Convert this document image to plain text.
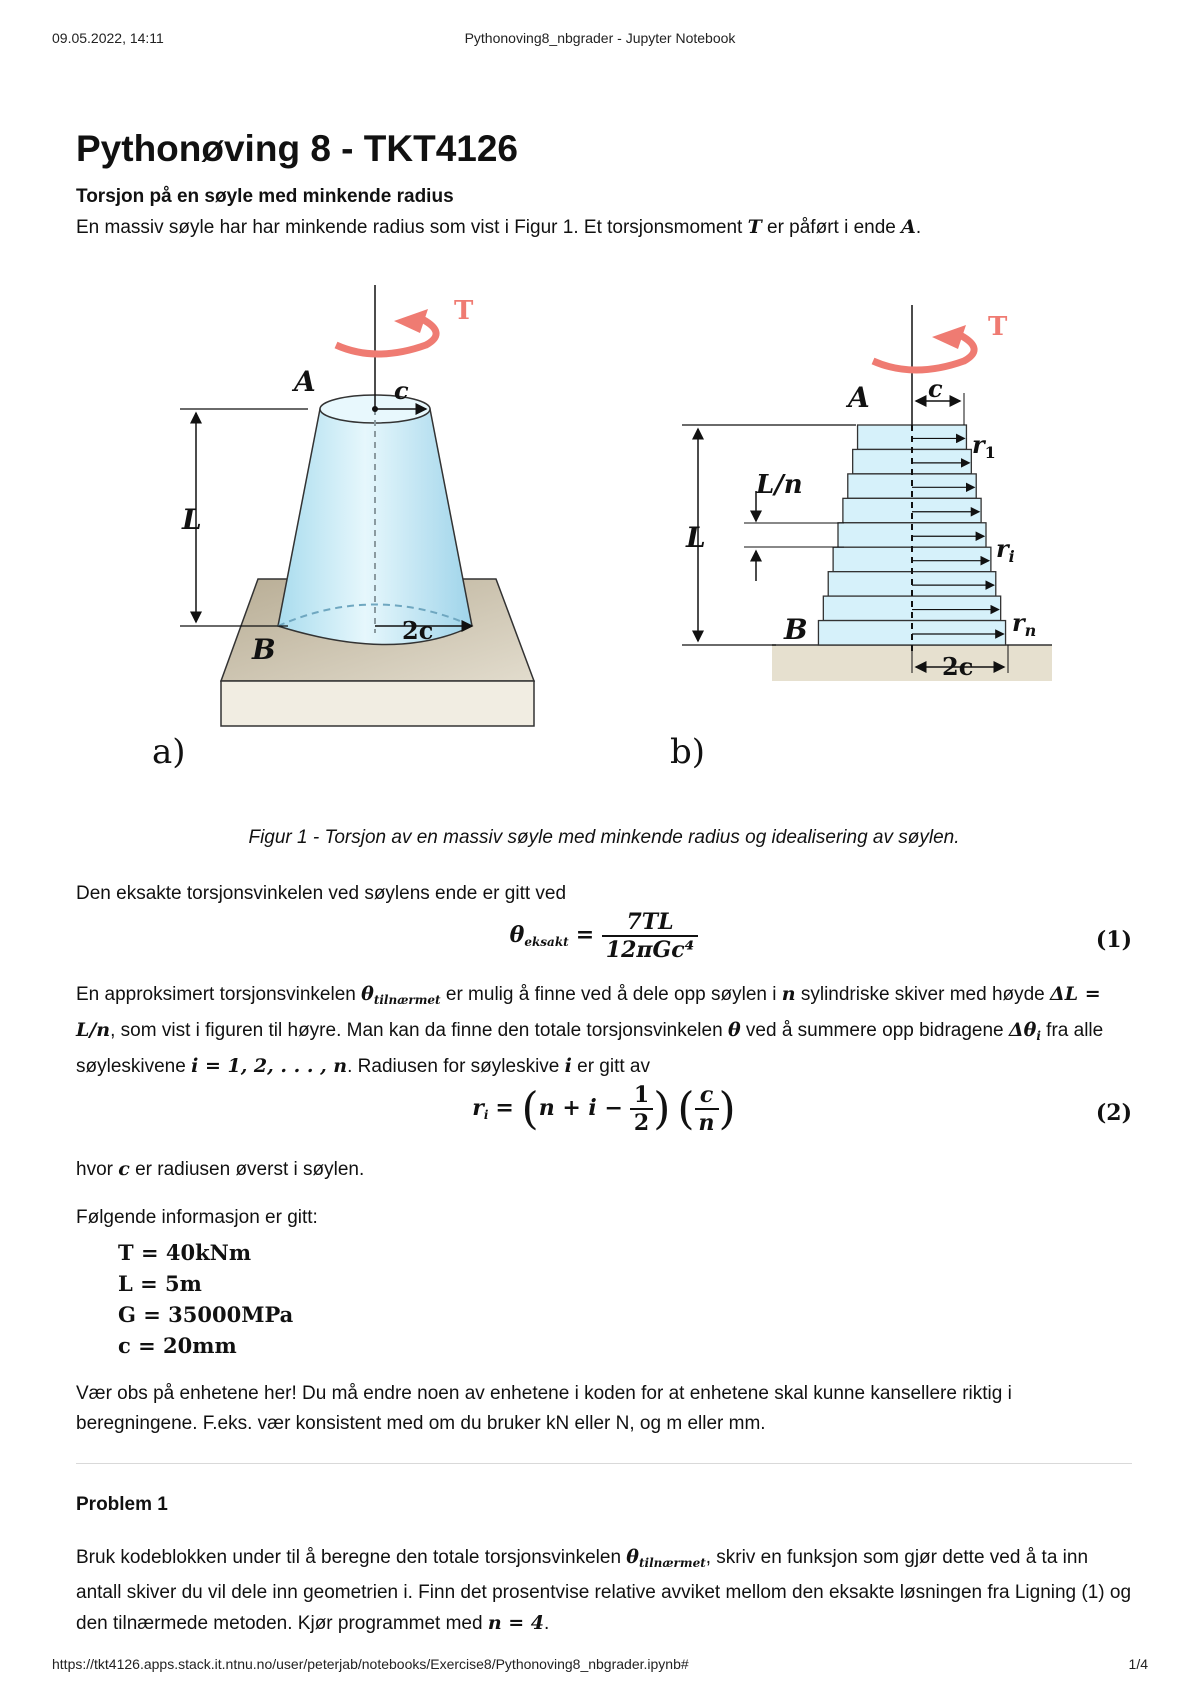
09.05.2022, 14:11	Pythonoving8_nbgrader - Jupyter Notebook
Pythonøving 8 - TKT4126
Torsjon på en søyle med minkende radius

En massiv søyle har har minkende radius som vist i Figur 1. Et torsjonsmoment T er påført i ende A.

T
c
2c
L
A
B
a)
T
c
2c
L
L/n
A
B
$r_1$
$r_i$
$r_n$
b)
Figur 1 - Torsjon av en massiv søyle med minkende radius og idealisering av søylen.

Den eksakte torsjonsvinkelen ved søylens ende er gitt ved

θeksakt = $\frac{7TL}{\text{12πGc⁴}}$	(1)

En approksimert torsjonsvinkelen $\theta_{tilnærmet}$ er mulig å finne ved å dele opp søylen i n sylindriske skiver med høyde ΔL = L/n, som vist i figuren til høyre. Man kan da finne den totale torsjonsvinkelen θ ved å summere opp bidragene $\Delta\theta_i$ fra alle søyleskivene i = 1, 2, . . . , n. Radiusen for søyleskive i er gitt av

ri = ($n + i - \frac{1}{2}$ ) ( $\frac{c}{n}$ )	(2)

hvor c er radiusen øverst i søylen.

Følgende informasjon er gitt:

T = 40kNm
L = 5m
G = 35000MPa
c = 20mm

Vær obs på enhetene her! Du må endre noen av enhetene i koden for at enhetene skal kunne kansellere riktig i beregningene. F.eks. vær konsistent med om du bruker kN eller N, og m eller mm.

Problem 1

Bruk kodeblokken under til å beregne den totale torsjonsvinkelen $\theta_{tilnærmet}$, skriv en funksjon som gjør dette ved å ta inn antall skiver du vil dele inn geometrien i. Finn det prosentvise relative avviket mellom den eksakte løsningen fra Ligning (1) og den tilnærmede metoden. Kjør programmet med n = 4.

https://tkt4126.apps.stack.it.ntnu.no/user/peterjab/notebooks/Exercise8/Pythonoving8_nbgrader.ipynb#	1/4
